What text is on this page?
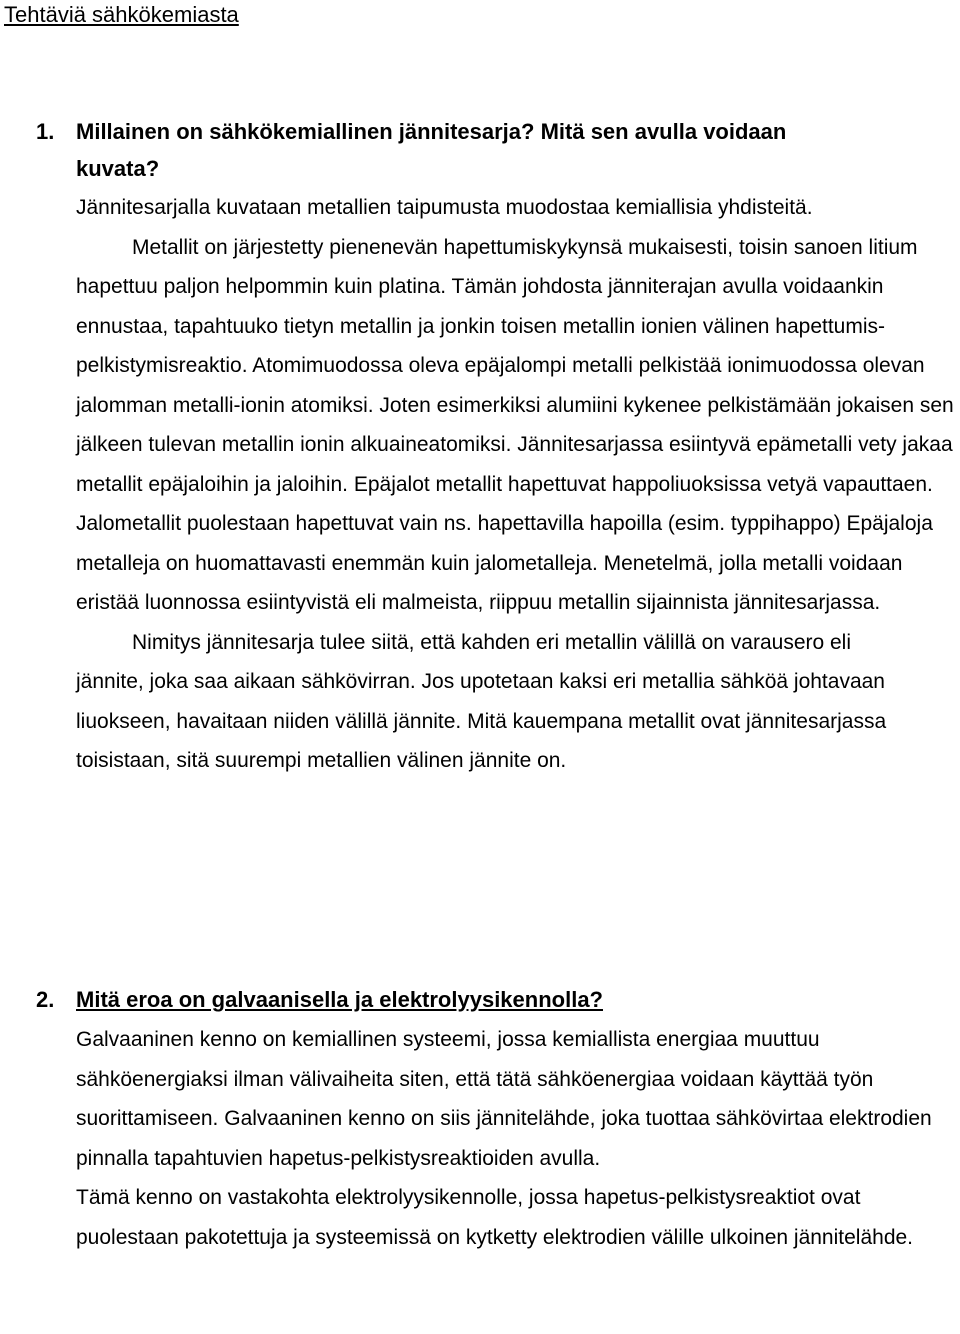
Tehtäviä sähkökemiasta
1. Millainen on sähkökemiallinen jännitesarja? Mitä sen avulla voidaan

kuvata?

Jännitesarjalla kuvataan metallien taipumusta muodostaa kemiallisia yhdisteitä.

Metallit on järjestetty pienenevän hapettumiskykynsä mukaisesti, toisin sanoen litium hapettuu paljon helpommin kuin platina. Tämän johdosta jänniterajan avulla voidaankin ennustaa, tapahtuuko tietyn metallin ja jonkin toisen metallin ionien välinen hapettumis-pelkistymisreaktio. Atomimuodossa oleva epäjalompi metalli pelkistää ionimuodossa olevan jalomman metalli-ionin atomiksi. Joten esimerkiksi alumiini kykenee pelkistämään jokaisen sen jälkeen tulevan metallin ionin alkuaineatomiksi. Jännitesarjassa esiintyvä epämetalli vety jakaa metallit epäjaloihin ja jaloihin. Epäjalot metallit hapettuvat happoliuoksissa vetyä vapauttaen. Jalometallit puolestaan hapettuvat vain ns. hapettavilla hapoilla (esim. typpihappo) Epäjaloja metalleja on huomattavasti enemmän kuin jalometalleja. Menetelmä, jolla metalli voidaan eristää luonnossa esiintyvistä eli malmeista, riippuu metallin sijainnista jännitesarjassa.

Nimitys jännitesarja tulee siitä, että kahden eri metallin välillä on varausero eli jännite, joka saa aikaan sähkövirran. Jos upotetaan kaksi eri metallia sähköä johtavaan liuokseen, havaitaan niiden välillä jännite. Mitä kauempana metallit ovat jännitesarjassa toisistaan, sitä suurempi metallien välinen jännite on.

2. Mitä eroa on galvaanisella ja elektrolyysikennolla?

Galvaaninen kenno on kemiallinen systeemi, jossa kemiallista energiaa muuttuu sähköenergiaksi ilman välivaiheita siten, että tätä sähköenergiaa voidaan käyttää työn suorittamiseen. Galvaaninen kenno on siis jännitelähde, joka tuottaa sähkövirtaa elektrodien pinnalla tapahtuvien hapetus-pelkistysreaktioiden avulla.

Tämä kenno on vastakohta elektrolyysikennolle, jossa hapetus-pelkistysreaktiot ovat puolestaan pakotettuja ja systeemissä on kytketty elektrodien välille ulkoinen jännitelähde.
